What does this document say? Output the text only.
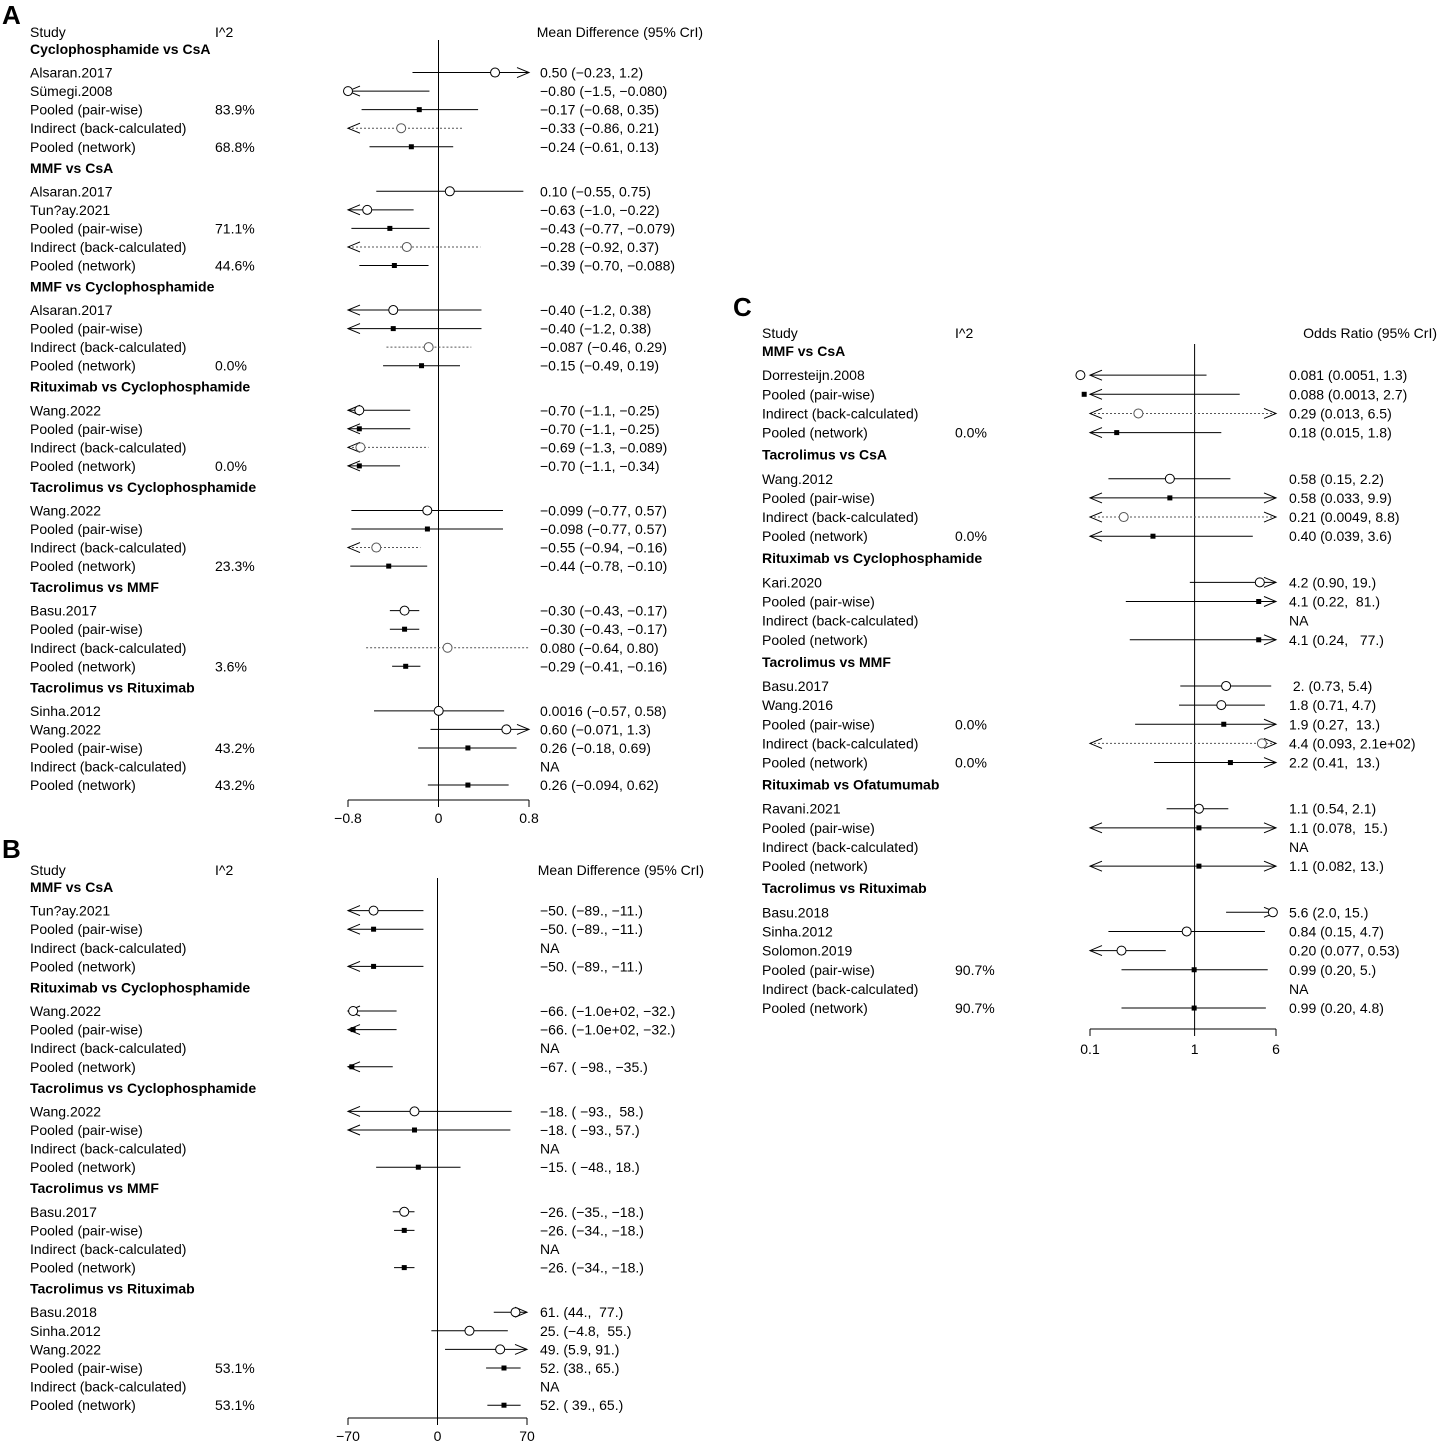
A
Study	I^2	Mean Difference (95% CrI)
−0.8	0	0.8
Cyclophosphamide vs CsA
Alsaran.2017	0.50 (−0.23, 1.2)
Sümegi.2008	−0.80 (−1.5, −0.080)
Pooled (pair-wise)	83.9%	−0.17 (−0.68, 0.35)
Indirect (back-calculated)	−0.33 (−0.86, 0.21)
Pooled (network)	68.8%	−0.24 (−0.61, 0.13)
MMF vs CsA
Alsaran.2017	0.10 (−0.55, 0.75)
Tun?ay.2021	−0.63 (−1.0, −0.22)
Pooled (pair-wise)	71.1%	−0.43 (−0.77, −0.079)
Indirect (back-calculated)	−0.28 (−0.92, 0.37)
Pooled (network)	44.6%	−0.39 (−0.70, −0.088)
MMF vs Cyclophosphamide
Alsaran.2017	−0.40 (−1.2, 0.38)
Pooled (pair-wise)	−0.40 (−1.2, 0.38)
Indirect (back-calculated)	−0.087 (−0.46, 0.29)
Pooled (network)	0.0%	−0.15 (−0.49, 0.19)
Rituximab vs Cyclophosphamide
Wang.2022	−0.70 (−1.1, −0.25)
Pooled (pair-wise)	−0.70 (−1.1, −0.25)
Indirect (back-calculated)	−0.69 (−1.3, −0.089)
Pooled (network)	0.0%	−0.70 (−1.1, −0.34)
Tacrolimus vs Cyclophosphamide
Wang.2022	−0.099 (−0.77, 0.57)
Pooled (pair-wise)	−0.098 (−0.77, 0.57)
Indirect (back-calculated)	−0.55 (−0.94, −0.16)
Pooled (network)	23.3%	−0.44 (−0.78, −0.10)
Tacrolimus vs MMF
Basu.2017	−0.30 (−0.43, −0.17)
Pooled (pair-wise)	−0.30 (−0.43, −0.17)
Indirect (back-calculated)	0.080 (−0.64, 0.80)
Pooled (network)	3.6%	−0.29 (−0.41, −0.16)
Tacrolimus vs Rituximab
Sinha.2012	0.0016 (−0.57, 0.58)
Wang.2022	0.60 (−0.071, 1.3)
Pooled (pair-wise)	43.2%	0.26 (−0.18, 0.69)
Indirect (back-calculated)	NA
Pooled (network)	43.2%	0.26 (−0.094, 0.62)
B
Study	I^2	Mean Difference (95% CrI)
−70	0	70
MMF vs CsA
Tun?ay.2021	−50. (−89., −11.)
Pooled (pair-wise)	−50. (−89., −11.)
Indirect (back-calculated)	NA
Pooled (network)	−50. (−89., −11.)
Rituximab vs Cyclophosphamide
Wang.2022	−66. (−1.0e+02, −32.)
Pooled (pair-wise)	−66. (−1.0e+02, −32.)
Indirect (back-calculated)	NA
Pooled (network)	−67. ( −98., −35.)
Tacrolimus vs Cyclophosphamide
Wang.2022	−18. ( −93.,  58.)
Pooled (pair-wise)	−18. ( −93., 57.)
Indirect (back-calculated)	NA
Pooled (network)	−15. ( −48., 18.)
Tacrolimus vs MMF
Basu.2017	−26. (−35., −18.)
Pooled (pair-wise)	−26. (−34., −18.)
Indirect (back-calculated)	NA
Pooled (network)	−26. (−34., −18.)
Tacrolimus vs Rituximab
Basu.2018	61. (44.,  77.)
Sinha.2012	25. (−4.8,  55.)
Wang.2022	49. (5.9, 91.)
Pooled (pair-wise)	53.1%	52. (38., 65.)
Indirect (back-calculated)	NA
Pooled (network)	53.1%	52. ( 39., 65.)
C
Study	I^2	Odds Ratio (95% CrI)
0.1	1	6
MMF vs CsA
Dorresteijn.2008	0.081 (0.0051, 1.3)
Pooled (pair-wise)	0.088 (0.0013, 2.7)
Indirect (back-calculated)	0.29 (0.013, 6.5)
Pooled (network)	0.0%	0.18 (0.015, 1.8)
Tacrolimus vs CsA
Wang.2012	0.58 (0.15, 2.2)
Pooled (pair-wise)	0.58 (0.033, 9.9)
Indirect (back-calculated)	0.21 (0.0049, 8.8)
Pooled (network)	0.0%	0.40 (0.039, 3.6)
Rituximab vs Cyclophosphamide
Kari.2020	4.2 (0.90, 19.)
Pooled (pair-wise)	4.1 (0.22,  81.)
Indirect (back-calculated)	NA
Pooled (network)	4.1 (0.24,   77.)
Tacrolimus vs MMF
Basu.2017	2. (0.73, 5.4)
Wang.2016	1.8 (0.71, 4.7)
Pooled (pair-wise)	0.0%	1.9 (0.27,  13.)
Indirect (back-calculated)	4.4 (0.093, 2.1e+02)
Pooled (network)	0.0%	2.2 (0.41,  13.)
Rituximab vs Ofatumumab
Ravani.2021	1.1 (0.54, 2.1)
Pooled (pair-wise)	1.1 (0.078,  15.)
Indirect (back-calculated)	NA
Pooled (network)	1.1 (0.082, 13.)
Tacrolimus vs Rituximab
Basu.2018	5.6 (2.0, 15.)
Sinha.2012	0.84 (0.15, 4.7)
Solomon.2019	0.20 (0.077, 0.53)
Pooled (pair-wise)	90.7%	0.99 (0.20, 5.)
Indirect (back-calculated)	NA
Pooled (network)	90.7%	0.99 (0.20, 4.8)
